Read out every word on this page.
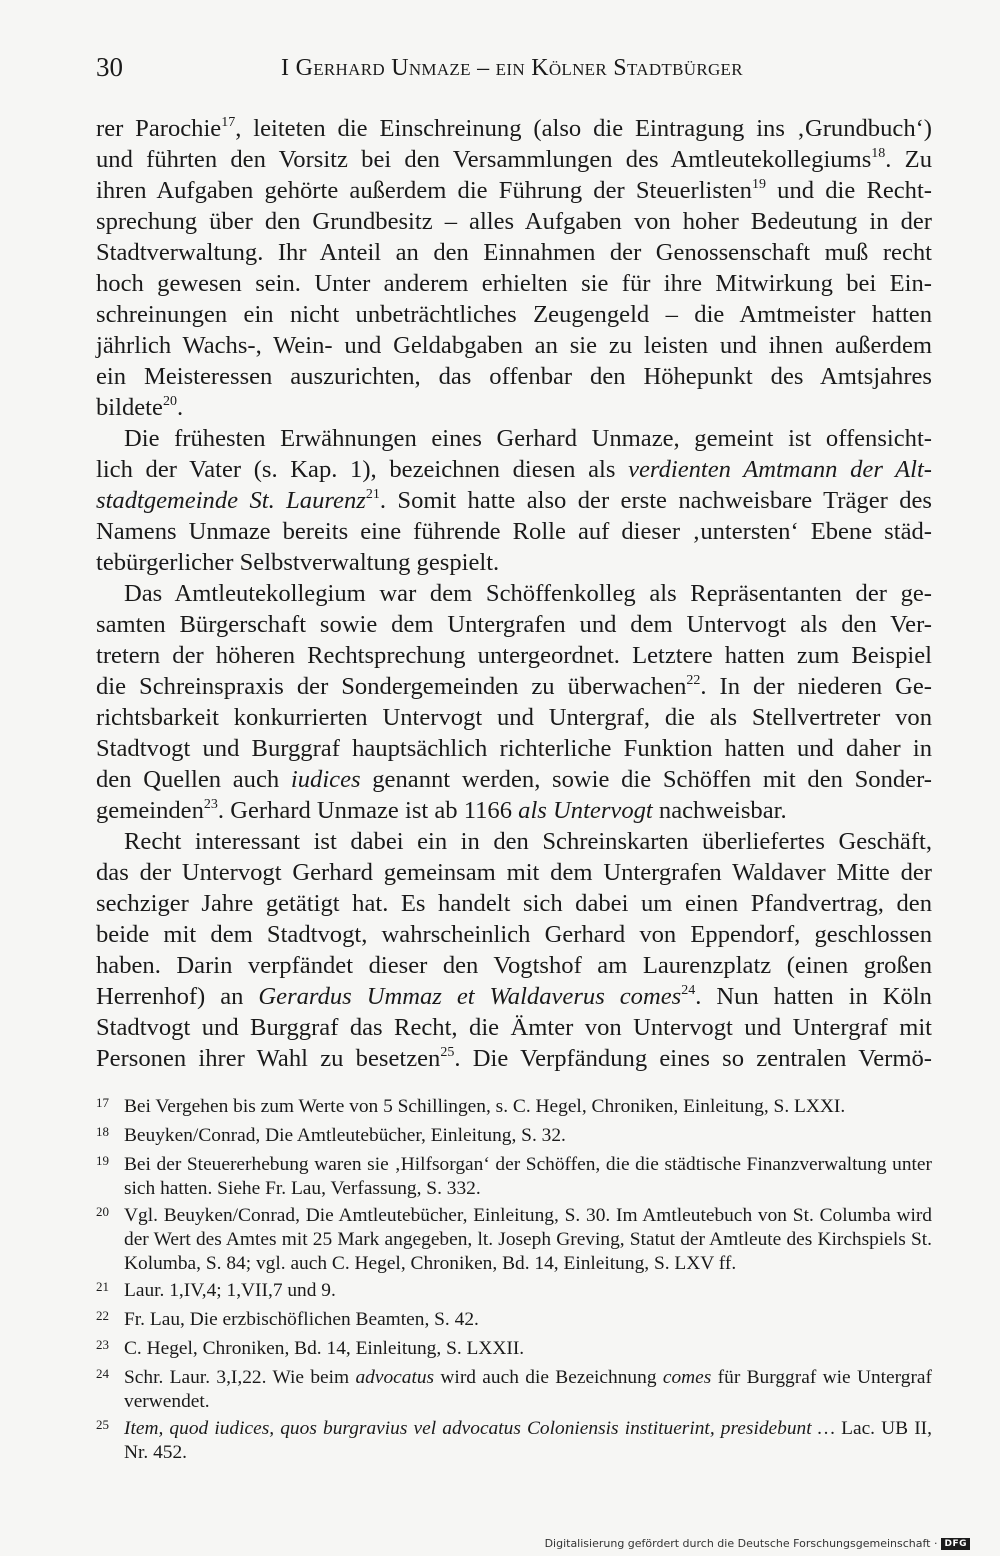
30	I Gerhard Unmaze – ein Kölner Stadtbürger
rer Parochie$^{17}$, leiteten die Einschreinung (also die Eintragung ins ‚Grundbuch‘)
und führten den Vorsitz bei den Versammlungen des Amtleutekollegiums$^{18}$. Zu
ihren Aufgaben gehörte außerdem die Führung der Steuerlisten$^{19}$ und die Recht-
sprechung über den Grundbesitz – alles Aufgaben von hoher Bedeutung in der
Stadtverwaltung. Ihr Anteil an den Einnahmen der Genossenschaft muß recht
hoch gewesen sein. Unter anderem erhielten sie für ihre Mitwirkung bei Ein-
schreinungen ein nicht unbeträchtliches Zeugengeld – die Amtmeister hatten
jährlich Wachs-, Wein- und Geldabgaben an sie zu leisten und ihnen außerdem
ein Meisteressen auszurichten, das offenbar den Höhepunkt des Amtsjahres
bildete$^{20}$.
Die frühesten Erwähnungen eines Gerhard Unmaze, gemeint ist offensicht-
lich der Vater (s. Kap. 1), bezeichnen diesen als verdienten Amtmann der Alt-
stadtgemeinde St. Laurenz$^{21}$. Somit hatte also der erste nachweisbare Träger des
Namens Unmaze bereits eine führende Rolle auf dieser ‚untersten‘ Ebene städ-
tebürgerlicher Selbstverwaltung gespielt.
Das Amtleutekollegium war dem Schöffenkolleg als Repräsentanten der ge-
samten Bürgerschaft sowie dem Untergrafen und dem Untervogt als den Ver-
tretern der höheren Rechtsprechung untergeordnet. Letztere hatten zum Beispiel
die Schreinspraxis der Sondergemeinden zu überwachen$^{22}$. In der niederen Ge-
richtsbarkeit konkurrierten Untervogt und Untergraf, die als Stellvertreter von
Stadtvogt und Burggraf hauptsächlich richterliche Funktion hatten und daher in
den Quellen auch iudices genannt werden, sowie die Schöffen mit den Sonder-
gemeinden$^{23}$. Gerhard Unmaze ist ab 1166 als Untervogt nachweisbar.
Recht interessant ist dabei ein in den Schreinskarten überliefertes Geschäft,
das der Untervogt Gerhard gemeinsam mit dem Untergrafen Waldaver Mitte der
sechziger Jahre getätigt hat. Es handelt sich dabei um einen Pfandvertrag, den
beide mit dem Stadtvogt, wahrscheinlich Gerhard von Eppendorf, geschlossen
haben. Darin verpfändet dieser den Vogtshof am Laurenzplatz (einen großen
Herrenhof) an Gerardus Ummaz et Waldaverus comes$^{24}$. Nun hatten in Köln
Stadtvogt und Burggraf das Recht, die Ämter von Untervogt und Untergraf mit
Personen ihrer Wahl zu besetzen$^{25}$. Die Verpfändung eines so zentralen Vermö-
17 Bei Vergehen bis zum Werte von 5 Schillingen, s. C. Hegel, Chroniken, Einleitung, S. LXXI.
18 Beuyken/Conrad, Die Amtleutebücher, Einleitung, S. 32.
19 Bei der Steuererhebung waren sie ‚Hilfsorgan‘ der Schöffen, die die städtische Finanzverwaltung unter sich hatten. Siehe Fr. Lau, Verfassung, S. 332.
20 Vgl. Beuyken/Conrad, Die Amtleutebücher, Einleitung, S. 30. Im Amtleutebuch von St. Columba wird der Wert des Amtes mit 25 Mark angegeben, lt. Joseph Greving, Statut der Amtleute des Kirchspiels St. Kolumba, S. 84; vgl. auch C. Hegel, Chroniken, Bd. 14, Einleitung, S. LXV ff.
21 Laur. 1,IV,4; 1,VII,7 und 9.
22 Fr. Lau, Die erzbischöflichen Beamten, S. 42.
23 C. Hegel, Chroniken, Bd. 14, Einleitung, S. LXXII.
24 Schr. Laur. 3,I,22. Wie beim advocatus wird auch die Bezeichnung comes für Burggraf wie Untergraf verwendet.
25 Item, quod iudices, quos burgravius vel advocatus Coloniensis instituerint, presidebunt … Lac. UB II, Nr. 452.
Digitalisierung gefördert durch die Deutsche Forschungsgemeinschaft · DFG
